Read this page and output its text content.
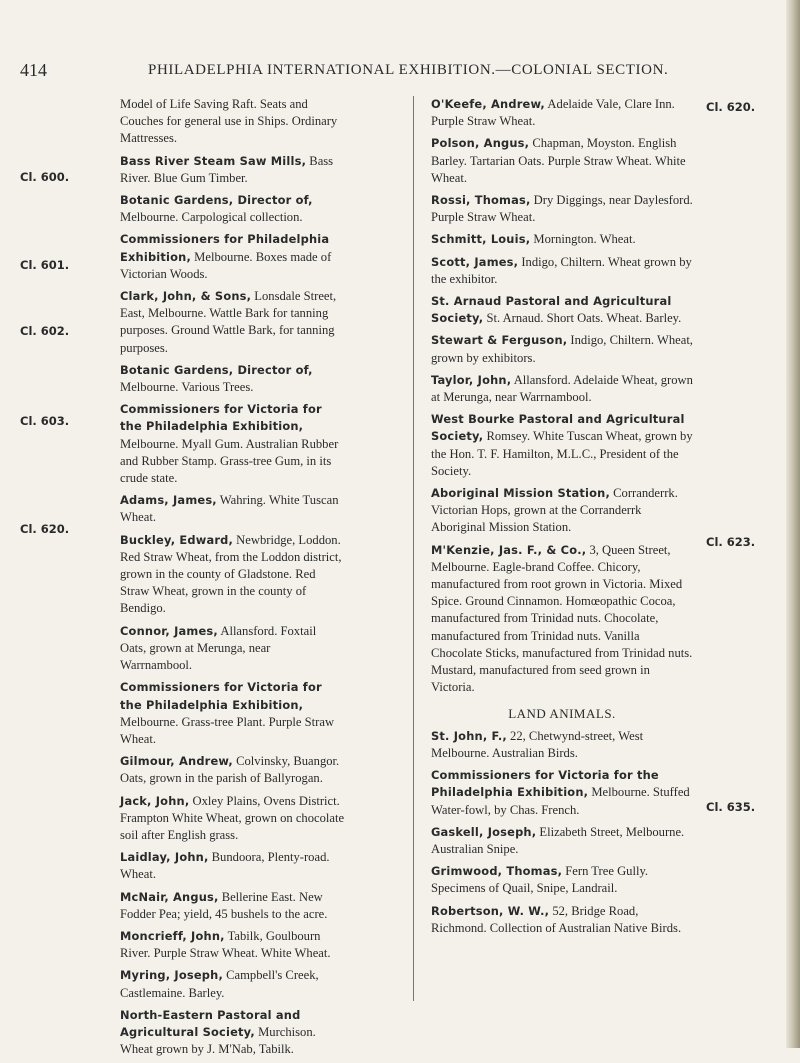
414	PHILADELPHIA INTERNATIONAL EXHIBITION.—COLONIAL SECTION.
Cl. 600.
Cl. 601.
Cl. 602.
Cl. 603.
Cl. 620.
Cl. 620.
Cl. 623.
Cl. 635.

Model of Life Saving Raft. Seats and Couches for general use in Ships. Ordinary Mattresses.

Bass River Steam Saw Mills, Bass River. Blue Gum Timber.

Botanic Gardens, Director of, Melbourne. Carpological collection.

Commissioners for Philadelphia Exhibition, Melbourne. Boxes made of Victorian Woods.

Clark, John, & Sons, Lonsdale Street, East, Melbourne. Wattle Bark for tanning purposes. Ground Wattle Bark, for tanning purposes.

Botanic Gardens, Director of, Melbourne. Various Trees.

Commissioners for Victoria for the Philadelphia Exhibition, Melbourne. Myall Gum. Australian Rubber and Rubber Stamp. Grass-tree Gum, in its crude state.

Adams, James, Wahring. White Tuscan Wheat.

Buckley, Edward, Newbridge, Loddon. Red Straw Wheat, from the Loddon district, grown in the county of Gladstone. Red Straw Wheat, grown in the county of Bendigo.

Connor, James, Allansford. Foxtail Oats, grown at Merunga, near Warrnambool.

Commissioners for Victoria for the Philadelphia Exhibition, Melbourne. Grass-tree Plant. Purple Straw Wheat.

Gilmour, Andrew, Colvinsky, Buangor. Oats, grown in the parish of Ballyrogan.

Jack, John, Oxley Plains, Ovens District. Frampton White Wheat, grown on chocolate soil after English grass.

Laidlay, John, Bundoora, Plenty-road. Wheat.

McNair, Angus, Bellerine East. New Fodder Pea; yield, 45 bushels to the acre.

Moncrieff, John, Tabilk, Goulbourn River. Purple Straw Wheat. White Wheat.

Myring, Joseph, Campbell's Creek, Castlemaine. Barley.

North-Eastern Pastoral and Agricultural Society, Murchison. Wheat grown by J. M'Nab, Tabilk.

O'Keefe, Andrew, Adelaide Vale, Clare Inn. Purple Straw Wheat.

Polson, Angus, Chapman, Moyston. English Barley. Tartarian Oats. Purple Straw Wheat. White Wheat.

Rossi, Thomas, Dry Diggings, near Daylesford. Purple Straw Wheat.

Schmitt, Louis, Mornington. Wheat.

Scott, James, Indigo, Chiltern. Wheat grown by the exhibitor.

St. Arnaud Pastoral and Agricultural Society, St. Arnaud. Short Oats. Wheat. Barley.

Stewart & Ferguson, Indigo, Chiltern. Wheat, grown by exhibitors.

Taylor, John, Allansford. Adelaide Wheat, grown at Merunga, near Warrnambool.

West Bourke Pastoral and Agricultural Society, Romsey. White Tuscan Wheat, grown by the Hon. T. F. Hamilton, M.L.C., President of the Society.

Aboriginal Mission Station, Corranderrk. Victorian Hops, grown at the Corranderrk Aboriginal Mission Station.

M'Kenzie, Jas. F., & Co., 3, Queen Street, Melbourne. Eagle-brand Coffee. Chicory, manufactured from root grown in Victoria. Mixed Spice. Ground Cinnamon. Homœopathic Cocoa, manufactured from Trinidad nuts. Chocolate, manufactured from Trinidad nuts. Vanilla Chocolate Sticks, manufactured from Trinidad nuts. Mustard, manufactured from seed grown in Victoria.

LAND ANIMALS.

St. John, F., 22, Chetwynd-street, West Melbourne. Australian Birds.

Commissioners for Victoria for the Philadelphia Exhibition, Melbourne. Stuffed Water-fowl, by Chas. French.

Gaskell, Joseph, Elizabeth Street, Melbourne. Australian Snipe.

Grimwood, Thomas, Fern Tree Gully. Specimens of Quail, Snipe, Landrail.

Robertson, W. W., 52, Bridge Road, Richmond. Collection of Australian Native Birds.
